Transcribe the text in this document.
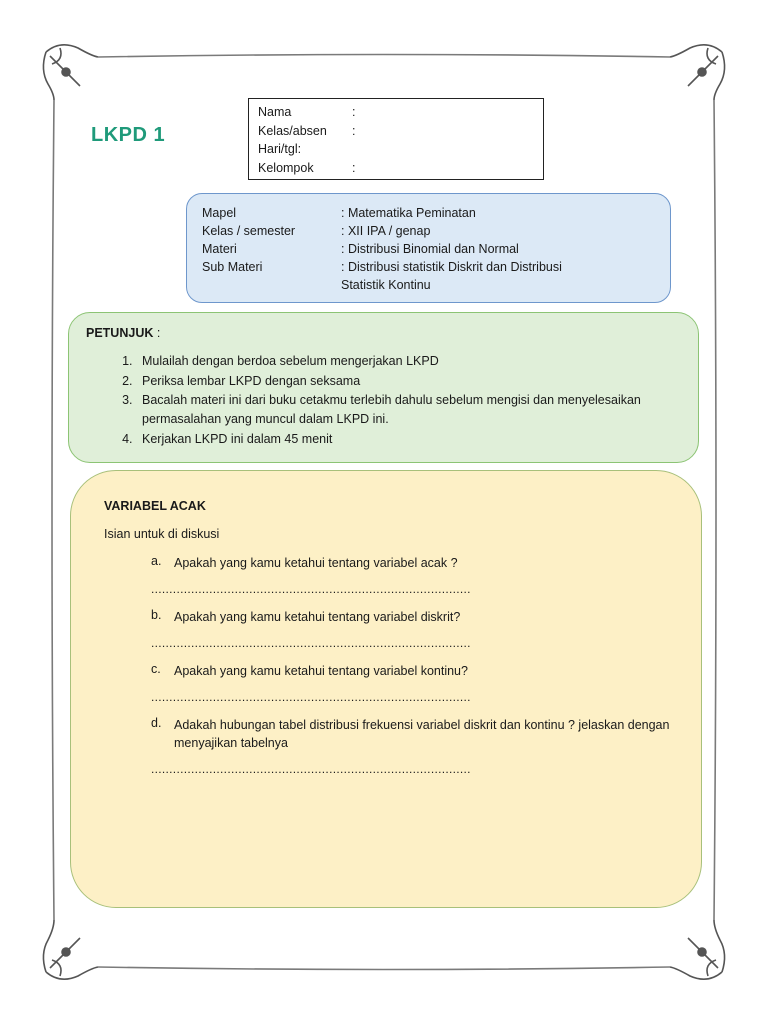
LKPD 1
Nama	:
Kelas/absen	:
Hari/tgl:
Kelompok	:
Mapel	: Matematika Peminatan
Kelas / semester	: XII IPA / genap
Materi	: Distribusi Binomial dan Normal
Sub Materi	: Distribusi statistik Diskrit dan Distribusi Statistik Kontinu
PETUNJUK :
1. Mulailah dengan berdoa sebelum mengerjakan LKPD
2. Periksa lembar LKPD dengan seksama
3. Bacalah materi ini dari buku cetakmu terlebih dahulu sebelum mengisi dan menyelesaikan permasalahan yang muncul dalam LKPD ini.
4. Kerjakan LKPD ini dalam 45 menit
VARIABEL ACAK
Isian untuk di diskusi
a.	Apakah yang kamu ketahui tentang variabel acak ?
........................................................................................
b.	Apakah yang kamu ketahui tentang variabel diskrit?
........................................................................................
c.	Apakah yang kamu ketahui tentang variabel kontinu?
........................................................................................
d.	Adakah hubungan tabel distribusi frekuensi variabel diskrit dan kontinu ? jelaskan dengan menyajikan tabelnya
........................................................................................
